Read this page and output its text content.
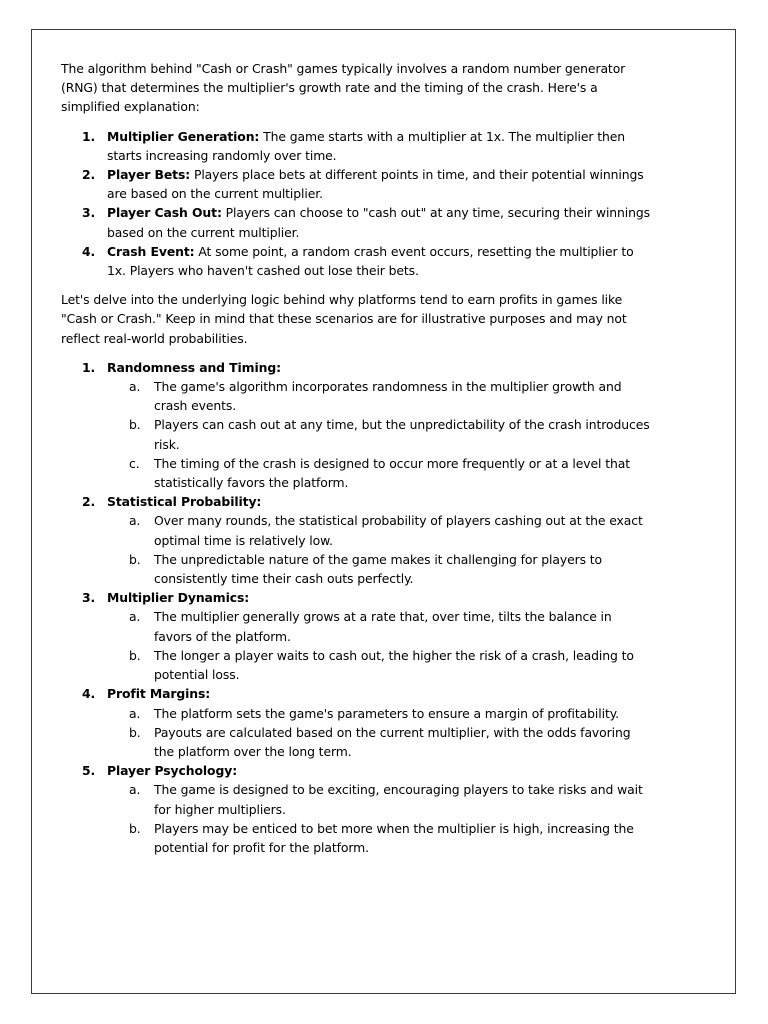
The algorithm behind "Cash or Crash" games typically involves a random number generator (RNG) that determines the multiplier's growth rate and the timing of the crash. Here's a simplified explanation:

1. Multiplier Generation: The game starts with a multiplier at 1x. The multiplier then starts increasing randomly over time.
2. Player Bets: Players place bets at different points in time, and their potential winnings are based on the current multiplier.
3. Player Cash Out: Players can choose to "cash out" at any time, securing their winnings based on the current multiplier.
4. Crash Event: At some point, a random crash event occurs, resetting the multiplier to 1x. Players who haven't cashed out lose their bets.

Let's delve into the underlying logic behind why platforms tend to earn profits in games like "Cash or Crash." Keep in mind that these scenarios are for illustrative purposes and may not reflect real-world probabilities.

1. Randomness and Timing:
a. The game's algorithm incorporates randomness in the multiplier growth and crash events.
b. Players can cash out at any time, but the unpredictability of the crash introduces risk.
c. The timing of the crash is designed to occur more frequently or at a level that statistically favors the platform.
2. Statistical Probability:
a. Over many rounds, the statistical probability of players cashing out at the exact optimal time is relatively low.
b. The unpredictable nature of the game makes it challenging for players to consistently time their cash outs perfectly.
3. Multiplier Dynamics:
a. The multiplier generally grows at a rate that, over time, tilts the balance in favors of the platform.
b. The longer a player waits to cash out, the higher the risk of a crash, leading to potential loss.
4. Profit Margins:
a. The platform sets the game's parameters to ensure a margin of profitability.
b. Payouts are calculated based on the current multiplier, with the odds favoring the platform over the long term.
5. Player Psychology:
a. The game is designed to be exciting, encouraging players to take risks and wait for higher multipliers.
b. Players may be enticed to bet more when the multiplier is high, increasing the potential for profit for the platform.
